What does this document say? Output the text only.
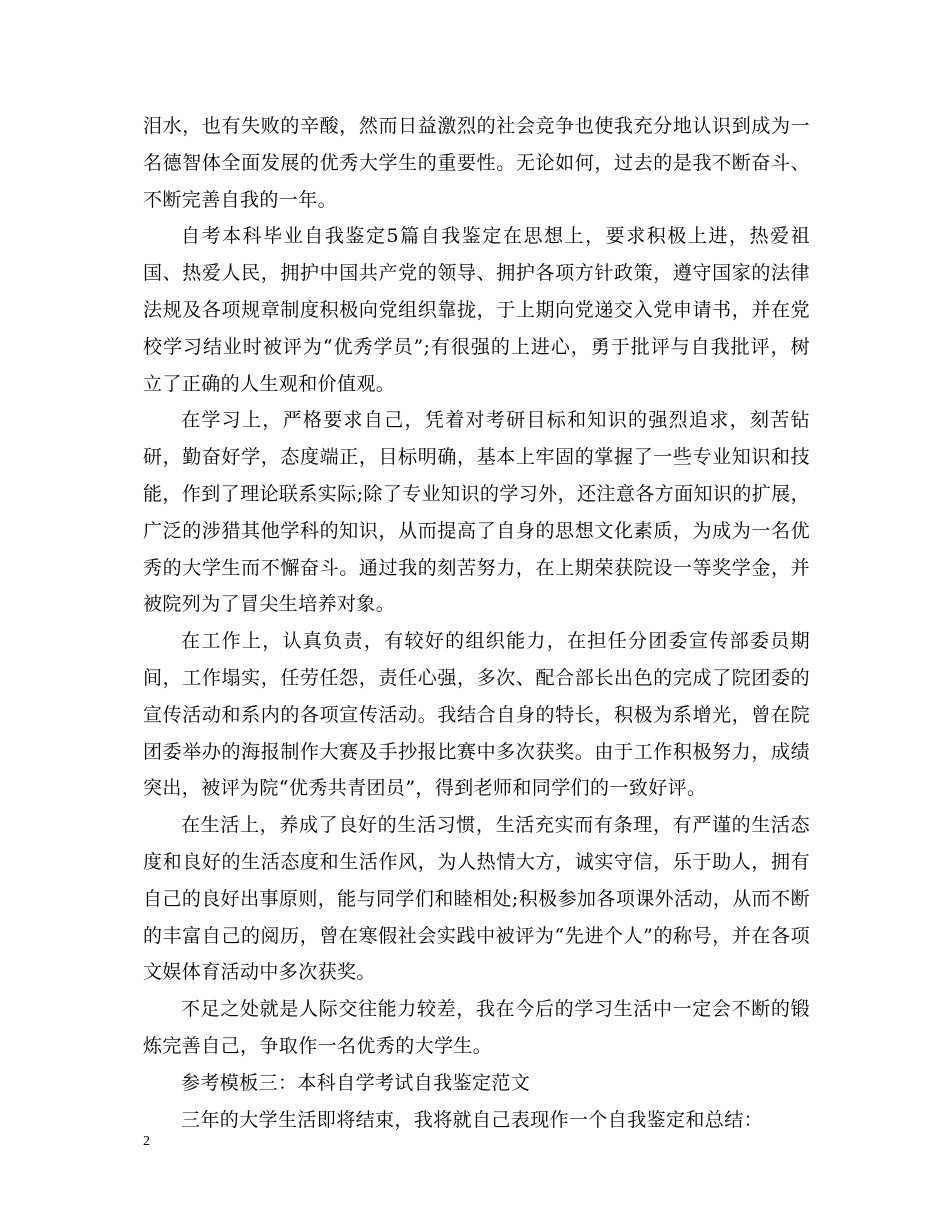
泪水，也有失败的辛酸，然而日益激烈的社会竞争也使我充分地认识到成为一名德智体全面发展的优秀大学生的重要性。无论如何，过去的是我不断奋斗、不断完善自我的一年。

自考本科毕业自我鉴定5篇自我鉴定在思想上，要求积极上进，热爱祖国、热爱人民，拥护中国共产党的领导、拥护各项方针政策，遵守国家的法律法规及各项规章制度积极向党组织靠拢，于上期向党递交入党申请书，并在党校学习结业时被评为“优秀学员”;有很强的上进心，勇于批评与自我批评，树立了正确的人生观和价值观。

在学习上，严格要求自己，凭着对考研目标和知识的强烈追求，刻苦钻研，勤奋好学，态度端正，目标明确，基本上牢固的掌握了一些专业知识和技能，作到了理论联系实际;除了专业知识的学习外，还注意各方面知识的扩展，广泛的涉猎其他学科的知识，从而提高了自身的思想文化素质，为成为一名优秀的大学生而不懈奋斗。通过我的刻苦努力，在上期荣获院设一等奖学金，并被院列为了冒尖生培养对象。

在工作上，认真负责，有较好的组织能力，在担任分团委宣传部委员期间，工作塌实，任劳任怨，责任心强，多次、配合部长出色的完成了院团委的宣传活动和系内的各项宣传活动。我结合自身的特长，积极为系增光，曾在院团委举办的海报制作大赛及手抄报比赛中多次获奖。由于工作积极努力，成绩突出，被评为院“优秀共青团员”，得到老师和同学们的一致好评。

在生活上，养成了良好的生活习惯，生活充实而有条理，有严谨的生活态度和良好的生活态度和生活作风，为人热情大方，诚实守信，乐于助人，拥有自己的良好出事原则，能与同学们和睦相处;积极参加各项课外活动，从而不断的丰富自己的阅历，曾在寒假社会实践中被评为“先进个人”的称号，并在各项文娱体育活动中多次获奖。

不足之处就是人际交往能力较差，我在今后的学习生活中一定会不断的锻炼完善自己，争取作一名优秀的大学生。

参考模板三：本科自学考试自我鉴定范文

三年的大学生活即将结束，我将就自己表现作一个自我鉴定和总结：

2
